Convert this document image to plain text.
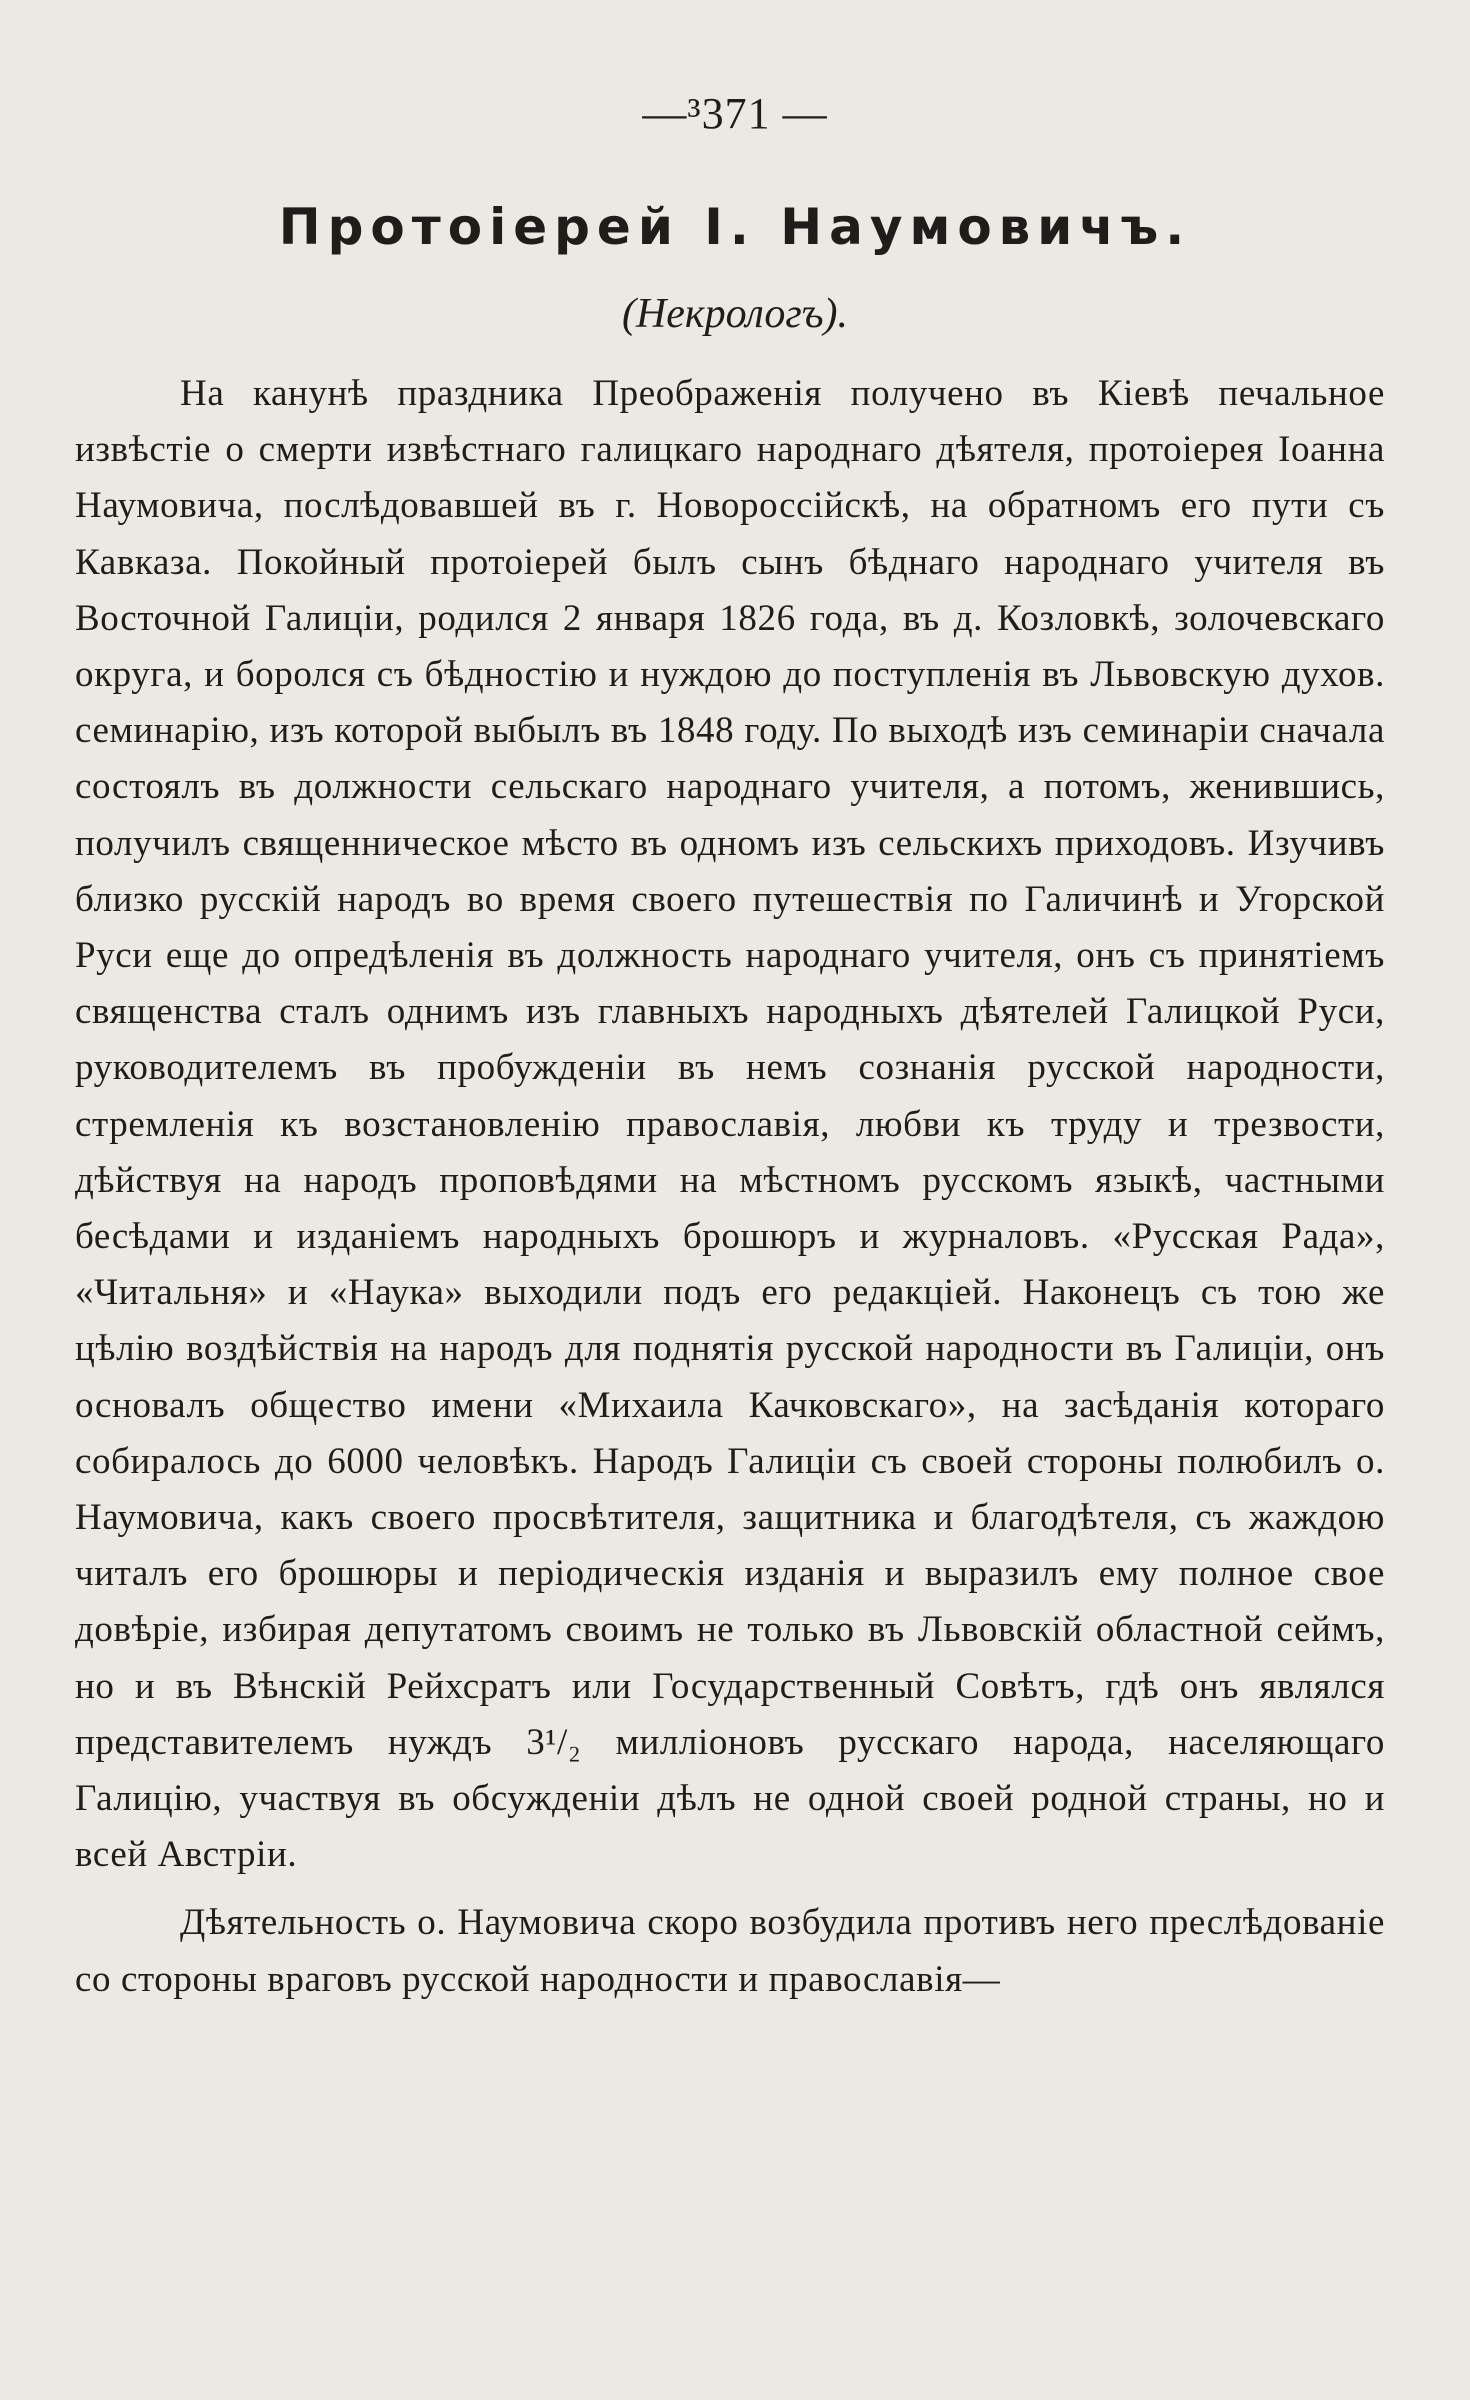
—³371 —
Протоіерей І. Наумовичъ.
(Некрологъ).

На канунѣ праздника Преображенія получено въ Кіевѣ печальное извѣстіе о смерти извѣстнаго галицкаго народнаго дѣятеля, протоіерея Іоанна Наумовича, послѣдовавшей въ г. Новороссійскѣ, на обратномъ его пути съ Кавказа. Покойный протоіерей былъ сынъ бѣднаго народнаго учителя въ Восточной Галиціи, родился 2 января 1826 года, въ д. Козловкѣ, золочевскаго округа, и боролся съ бѣдностію и нуждою до поступленія въ Львовскую духов. семинарію, изъ которой выбылъ въ 1848 году. По выходѣ изъ семинаріи сначала состоялъ въ должности сельскаго народнаго учителя, а потомъ, женившись, получилъ священническое мѣсто въ одномъ изъ сельскихъ приходовъ. Изучивъ близко русскій народъ во время своего путешествія по Галичинѣ и Угорской Руси еще до опредѣленія въ должность народнаго учителя, онъ съ принятіемъ священства сталъ однимъ изъ главныхъ народныхъ дѣятелей Галицкой Руси, руководителемъ въ пробужденіи въ немъ сознанія русской народности, стремленія къ возстановленію православія, любви къ труду и трезвости, дѣйствуя на народъ проповѣдями на мѣстномъ русскомъ языкѣ, частными бесѣдами и изданіемъ народныхъ брошюръ и журналовъ. «Русская Рада», «Читальня» и «Наука» выходили подъ его редакціей. Наконецъ съ тою же цѣлію воздѣйствія на народъ для поднятія русской народности въ Галиціи, онъ основалъ общество имени «Михаила Качковскаго», на засѣданія котораго собиралось до 6000 человѣкъ. Народъ Галиціи съ своей стороны полюбилъ о. Наумовича, какъ своего просвѣтителя, защитника и благодѣтеля, съ жаждою читалъ его брошюры и періодическія изданія и выразилъ ему полное свое довѣріе, избирая депутатомъ своимъ не только въ Львовскій областной сеймъ, но и въ Вѣнскій Рейхсратъ или Государственный Совѣтъ, гдѣ онъ являлся представителемъ нуждъ 3¹/₂ милліоновъ русскаго народа, населяющаго Галицію, участвуя въ обсужденіи дѣлъ не одной своей родной страны, но и всей Австріи.

Дѣятельность о. Наумовича скоро возбудила противъ него преслѣдованіе со стороны враговъ русской народности и православія—
